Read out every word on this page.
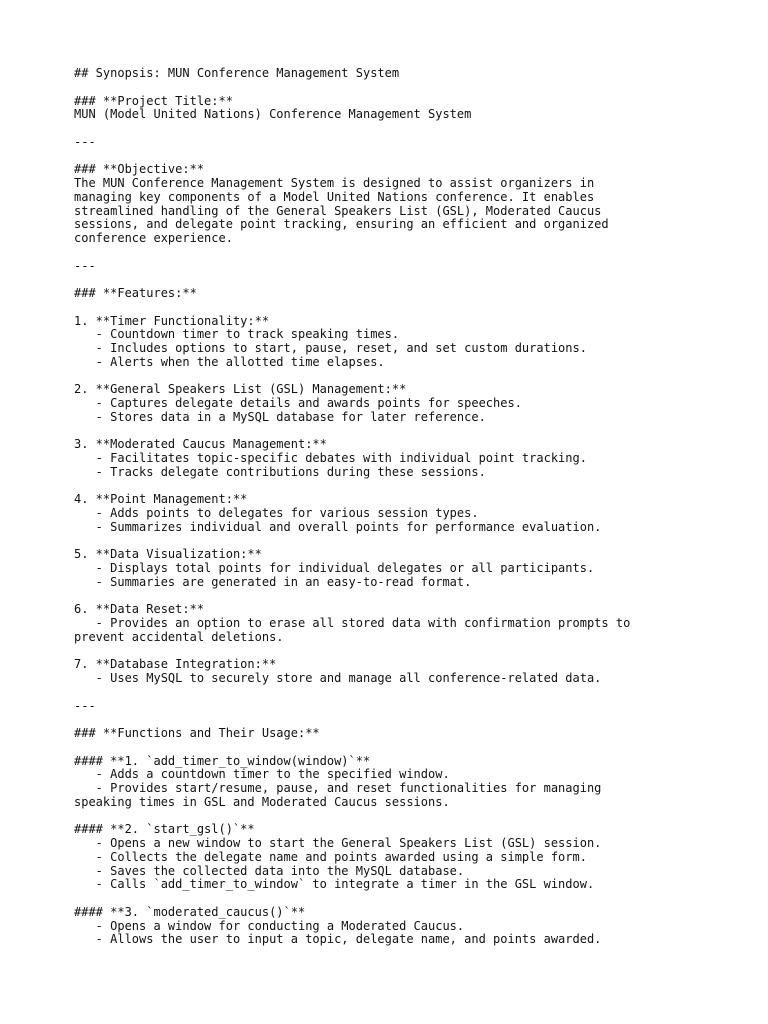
## Synopsis: MUN Conference Management System
### **Project Title:**
MUN (Model United Nations) Conference Management System
---
### **Objective:**
The MUN Conference Management System is designed to assist organizers in
managing key components of a Model United Nations conference. It enables
streamlined handling of the General Speakers List (GSL), Moderated Caucus
sessions, and delegate point tracking, ensuring an efficient and organized
conference experience.
---
### **Features:**
1. **Timer Functionality:**
- Countdown timer to track speaking times.
- Includes options to start, pause, reset, and set custom durations.
- Alerts when the allotted time elapses.
2. **General Speakers List (GSL) Management:**
- Captures delegate details and awards points for speeches.
- Stores data in a MySQL database for later reference.
3. **Moderated Caucus Management:**
- Facilitates topic-specific debates with individual point tracking.
- Tracks delegate contributions during these sessions.
4. **Point Management:**
- Adds points to delegates for various session types.
- Summarizes individual and overall points for performance evaluation.
5. **Data Visualization:**
- Displays total points for individual delegates or all participants.
- Summaries are generated in an easy-to-read format.
6. **Data Reset:**
- Provides an option to erase all stored data with confirmation prompts to
prevent accidental deletions.
7. **Database Integration:**
- Uses MySQL to securely store and manage all conference-related data.
---
### **Functions and Their Usage:**
#### **1. `add_timer_to_window(window)`**
- Adds a countdown timer to the specified window.
- Provides start/resume, pause, and reset functionalities for managing
speaking times in GSL and Moderated Caucus sessions.
#### **2. `start_gsl()`**
- Opens a new window to start the General Speakers List (GSL) session.
- Collects the delegate name and points awarded using a simple form.
- Saves the collected data into the MySQL database.
- Calls `add_timer_to_window` to integrate a timer in the GSL window.
#### **3. `moderated_caucus()`**
- Opens a window for conducting a Moderated Caucus.
- Allows the user to input a topic, delegate name, and points awarded.
